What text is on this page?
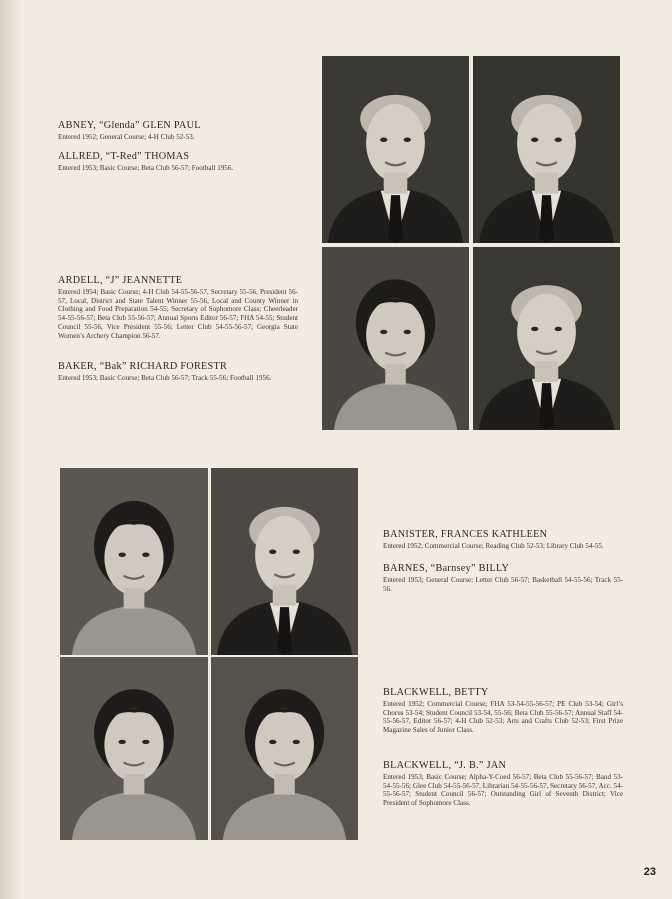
ABNEY, “Glenda” GLEN PAUL
Entered 1952; General Course; 4-H Club 52-53.
ALLRED, “T-Red” THOMAS
Entered 1953; Basic Course; Beta Club 56-57; Football 1956.
ARDELL, “J” JEANNETTE
Entered 1954; Basic Course; 4-H Club 54-55-56-57, Secretary 55-56, President 56-57, Local, District and State Talent Winner 55-56, Local and County Winner in Clothing and Food Preparation 54-55; Secretary of Sophomore Class; Cheerleader 54-55-56-57; Beta Club 55-56-57; Annual Sports Editor 56-57; FHA 54-55; Student Council 55-56, Vice President 55-56; Letter Club 54-55-56-57; Georgia State Women’s Archery Champion 56-57.
BAKER, “Bak” RICHARD FORESTR
Entered 1953; Basic Course; Beta Club 56-57; Track 55-56; Football 1956.
BANISTER, FRANCES KATHLEEN
Entered 1952; Commercial Course; Reading Club 52-53; Library Club 54-55.
BARNES, “Barnsey” BILLY
Entered 1953; General Course; Letter Club 56-57; Basketball 54-55-56; Track 55-56.
BLACKWELL, BETTY
Entered 1952; Commercial Course; FHA 53-54-55-56-57; PE Club 53-54; Girl’s Chorus 53-54; Student Council 53-54, 55-56; Beta Club 55-56-57; Annual Staff 54-55-56-57, Editor 56-57; 4-H Club 52-53; Arts and Crafts Club 52-53; First Prize Magazine Sales of Junior Class.
BLACKWELL, “J. B.” JAN
Entered 1953; Basic Course; Alpha-Y-Coed 56-57; Beta Club 55-56-57; Band 53-54-55-56; Glee Club 54-55-56-57, Librarian 54-55-56-57, Secretary 56-57, Acc. 54-55-56-57; Student Council 56-57; Outstanding Girl of Seventh District; Vice President of Sophomore Class.
23
